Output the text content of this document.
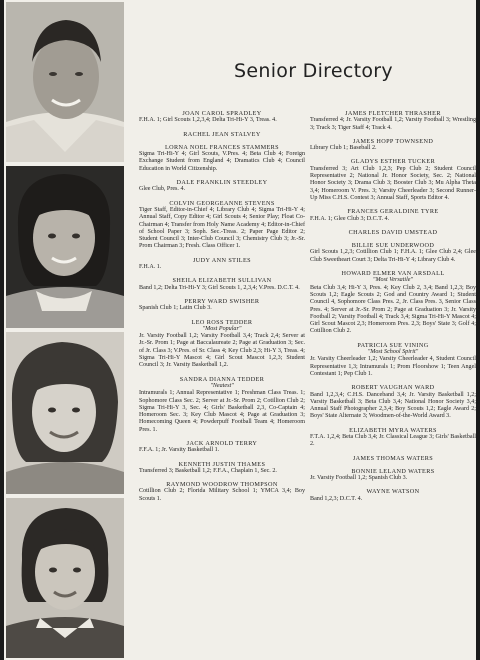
Senior Directory
JOAN CAROL SPRADLEY
F.H.A. 1; Girl Scouts 1,2,3,4; Delta Tri-Hi-Y 3, Treas. 4.
RACHEL JEAN STALVEY
LORNA NOEL FRANCES STAMMERS
Sigma Tri-Hi-Y 4; Girl Scouts, V.Pres. 4; Beta Club 4; Foreign Exchange Student from England 4; Dramatics Club 4; Council Education in World Citizenship.
DALE FRANKLIN STEEDLEY
Glee Club, Pres. 4.
COLVIN GEORGEANNE STEVENS
Tiger Staff, Editor-in-Chief 4; Library Club 4; Sigma Tri-Hi-Y 4; Annual Staff, Copy Editor 4; Girl Scouts 4; Senior Play; Float Co-Chairman 4; Transfer from Holy Name Academy 4; Editor-in-Chief of School Paper 3; Soph. Sec.-Treas. 2; Paper Page Editor 2; Student Council 3; Inter-Club Council 3; Chemistry Club 3; Jr.-Sr. Prom Chairman 3; Fresh. Class Officer 1.
JUDY ANN STILES
F.H.A. 1.
SHEILA ELIZABETH SULLIVAN
Band 1,2; Delta Tri-Hi-Y 3; Girl Scouts 1, 2,3,4; V.Pres. D.C.T. 4.
PERRY WARD SWISHER
Spanish Club 1; Latin Club 3.
LEO ROSS TEDDER
"Most Popular"
Jr. Varsity Football 1,2; Varsity Football 3,4; Track 2,4; Server at Jr.-Sr. Prom 1; Page at Baccalaureate 2; Page at Graduation 3; Sec. of Jr. Class 3; V.Pres. of Sr. Class 4; Key Club 2,3; Hi-Y 3, Treas. 4; Sigma Tri-Hi-Y Mascot 4; Girl Scout Mascot 1,2,3; Student Council 3; Jr. Varsity Basketball 1,2.
SANDRA DIANNA TEDDER
"Neatest"
Intramurals 1; Annual Representative 1; Freshman Class Treas. 1; Sophomore Class Sec. 2; Server at Jr.-Sr. Prom 2; Cotillion Club 2; Sigma Tri-Hi-Y 3, Sec. 4; Girls' Basketball 2,3, Co-Captain 4; Homeroom Sec. 3; Key Club Mascot 4; Page at Graduation 3; Homecoming Queen 4; Powderpuff Football Team 4; Homeroom Pres. 1.
JACK ARNOLD TERRY
F.F.A. 1; Jr. Varsity Basketball 1.
KENNETH JUSTIN THAMES
Transferred 3; Basketball 1,2; F.F.A., Chaplain 1, Sec. 2.
RAYMOND WOODROW THOMPSON
Cotillion Club 2; Florida Military School 1; YMCA 3,4; Boy Scouts 1.
JAMES FLETCHER THRASHER
Transferred 4; Jr. Varsity Football 1,2; Varsity Football 3; Wrestling 3; Track 3; Tiger Staff 4; Track 4.
JAMES HOPP TOWNSEND
Library Club 1; Baseball 2.
GLADYS ESTHER TUCKER
Transferred 3; Art Club 1,2,3; Pep Club 2; Student Council Representative 2; National Jr. Honor Society, Sec. 2; National Honor Society 3; Drama Club 3; Booster Club 3; Mu Alpha Theta 3,4; Homeroom V. Pres. 3; Varsity Cheerleader 3; Second Runner-Up Miss C.H.S. Contest 3; Annual Staff, Sports Editor 4.
FRANCES GERALDINE TYRE
F.H.A. 1; Glee Club 3; D.C.T. 4.
CHARLES DAVID UMSTEAD
BILLIE SUE UNDERWOOD
Girl Scouts 1,2,3; Cotillion Club 1; F.H.A. 1; Glee Club 2,4; Glee Club Sweetheart Court 3; Delta Tri-Hi-Y 4; Library Club 4.
HOWARD ELMER VAN ARSDALL
"Most Versatile"
Beta Club 3,4; Hi-Y 3, Pres. 4; Key Club 2, 3,4; Band 1,2,3; Boy Scouts 1,2; Eagle Scouts 2; God and Country Award 1; Student Council 4, Sophomore Class Pres. 2, Jr. Class Pres. 3, Senior Class Pres. 4; Server at Jr.-Sr. Prom 2; Page at Graduation 3; Jr. Varsity Football 2; Varsity Football 4; Track 3,4; Sigma Tri-Hi-Y Mascot 4; Girl Scout Mascot 2,3; Homeroom Pres. 2,3; Boys' State 3; Golf 4; Cotillion Club 2.
PATRICIA SUE VINING
"Most School Spirit"
Jr. Varsity Cheerleader 1,2; Varsity Cheerleader 4, Student Council Representative 1,3; Intramurals 1; Prom Floorshow 1; Teen Angel Contestant 1; Pep Club 1.
ROBERT VAUGHAN WARD
Band 1,2,3,4; C.H.S. Danceband 3,4; Jr. Varsity Basketball 1,2; Varsity Basketball 3; Beta Club 3,4; National Honor Society 3,4; Annual Staff Photographer 2,3,4; Boy Scouts 1,2; Eagle Award 2; Boys' State Alternate 3; Woodmen-of-the-World Award 3.
ELIZABETH MYRA WATERS
F.T.A. 1,2,4; Beta Club 3,4; Jr. Classical League 3; Girls' Basketball 2.
JAMES THOMAS WATERS
BONNIE LELAND WATERS
Jr. Varsity Football 1,2; Spanish Club 3.
WAYNE WATSON
Band 1,2,3; D.C.T. 4.
